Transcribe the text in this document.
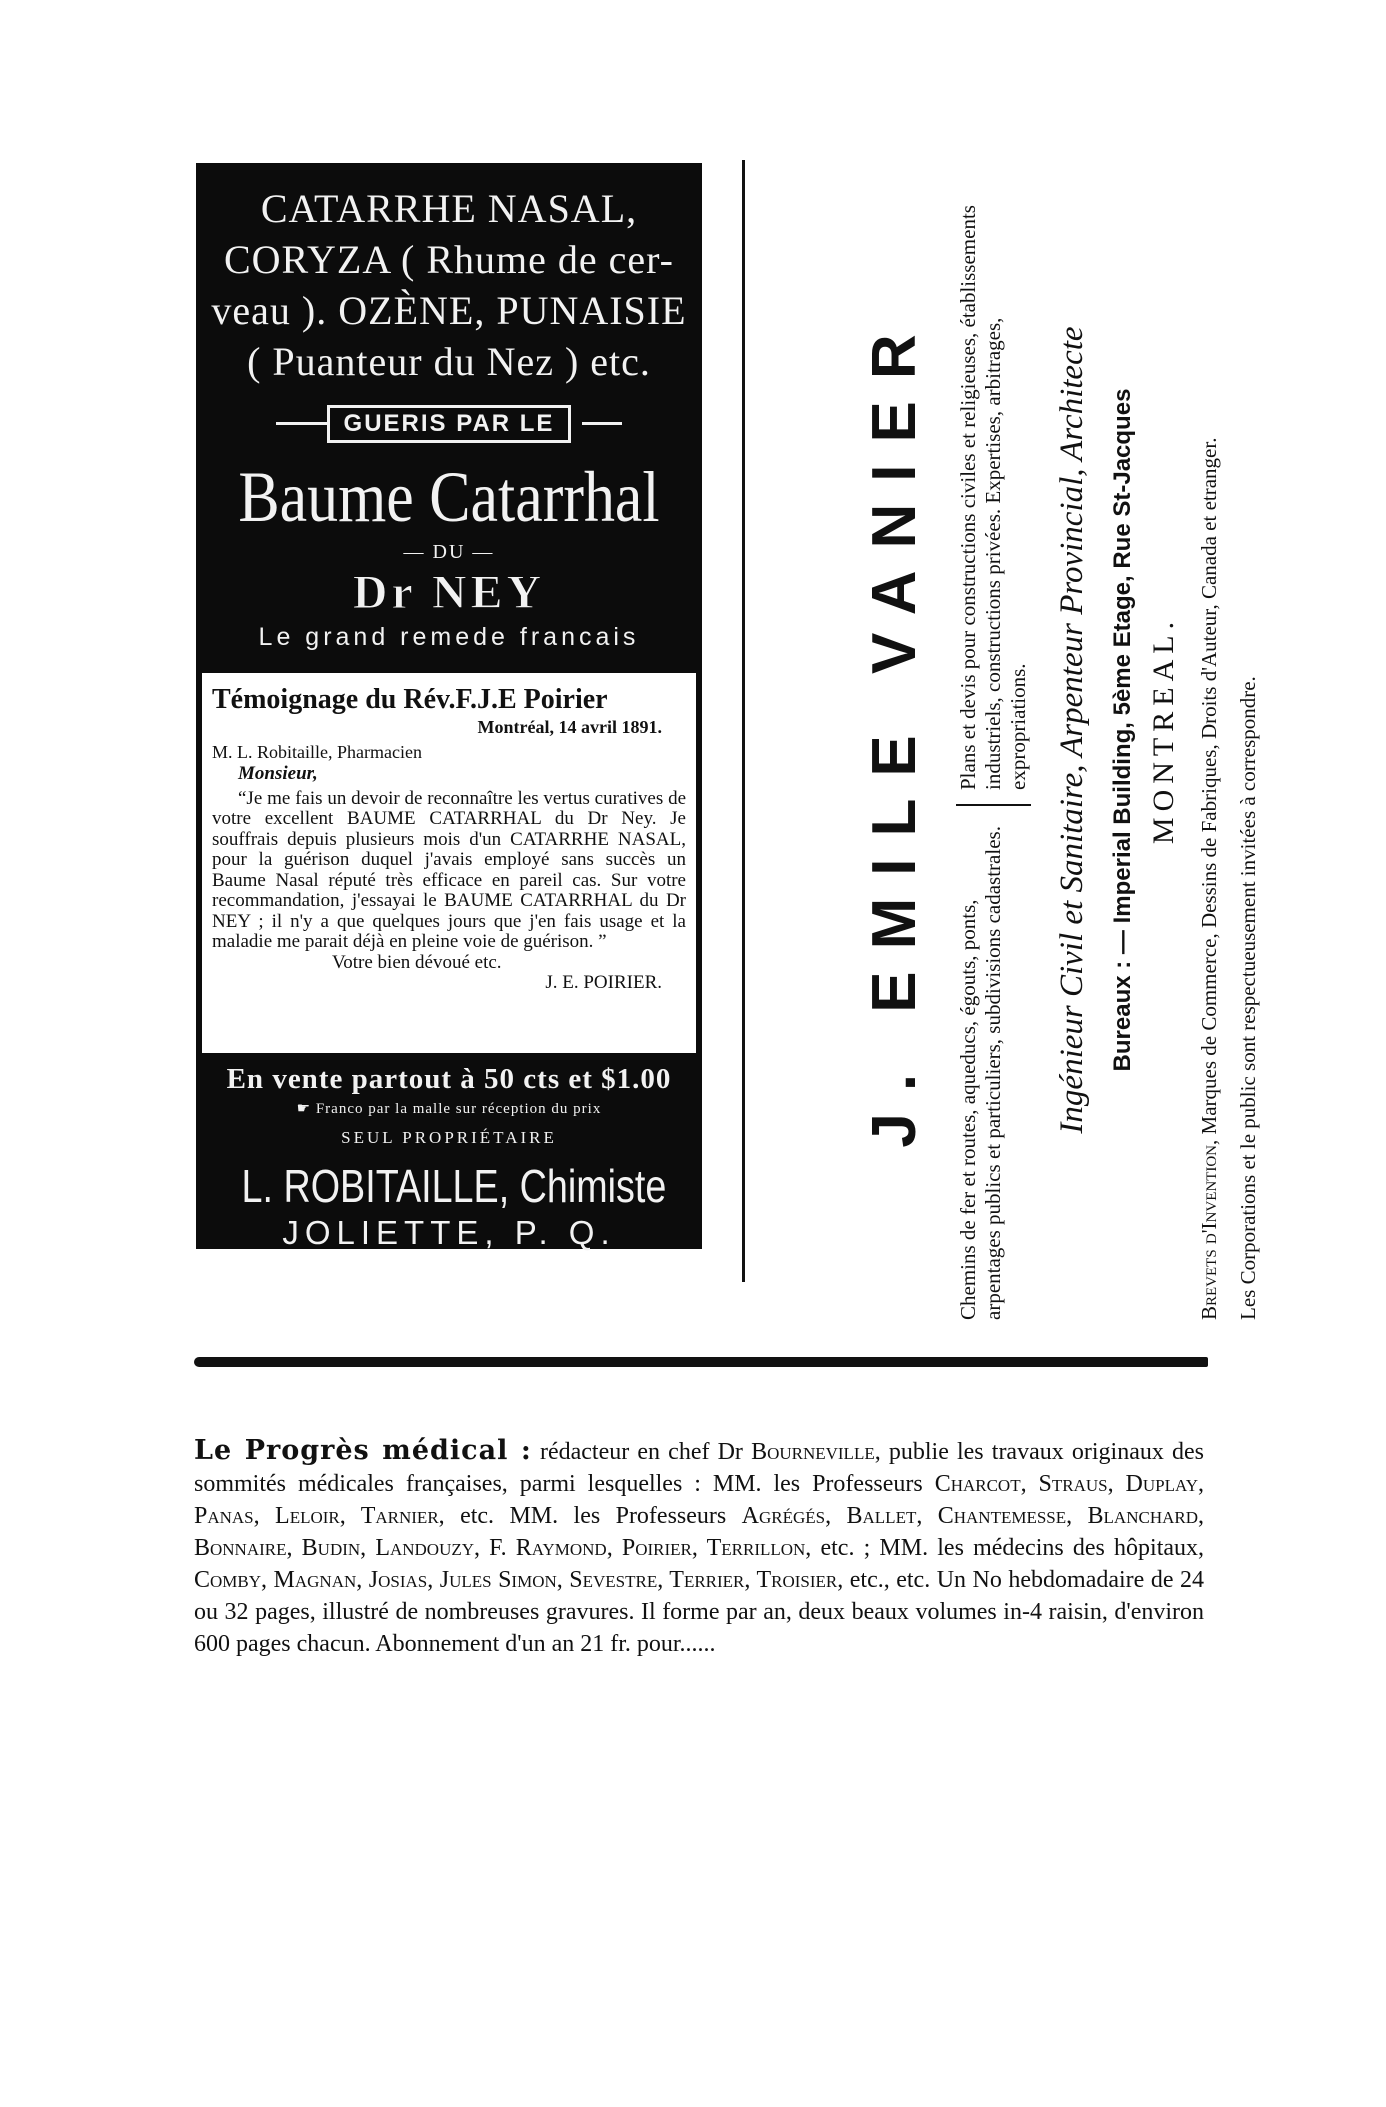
CATARRHE NASAL,
CORYZA ( Rhume de cer-
veau ). OZÈNE, PUNAISIE
( Puanteur du Nez ) etc.
GUERIS PAR LE
Baume Catarrhal
— DU —
Dr NEY
Le grand remede francais
Témoignage du Rév.F.J.E Poirier
Montréal, 14 avril 1891.
M. L. Robitaille, Pharmacien
Monsieur,
“Je me fais un devoir de reconnaître les vertus curatives de votre excellent BAUME CATARRHAL du Dr Ney. Je souffrais depuis plusieurs mois d'un CATARRHE NASAL, pour la guérison duquel j'avais employé sans succès un Baume Nasal réputé très efficace en pareil cas. Sur votre recommandation, j'essayai le BAUME CATARRHAL du Dr NEY ; il n'y a que quelques jours que j'en fais usage et la maladie me parait déjà en pleine voie de guérison. ”
Votre bien dévoué etc.
J. E. POIRIER.
En vente partout à 50 cts et $1.00
☛ Franco par la malle sur réception du prix
SEUL PROPRIÉTAIRE
L. ROBITAILLE, Chimiste
JOLIETTE, P. Q.
J. EMILE VANIER Chemins de fer et routes, aqueducs, égouts, ponts, arpentages publics et particuliers, subdivisions cadastrales.
Plans et devis pour constructions civiles et religieuses, établissements industriels, constructions privées. Expertises, arbitrages, expropriations. Ingénieur Civil et Sanitaire, Arpenteur Provincial, Architecte Bureaux : — Imperial Building, 5ème Etage, Rue St-Jacques MONTREAL.
Brevets d'Invention, Marques de Commerce, Dessins de Fabriques, Droits d'Auteur, Canada et etranger. Les Corporations et le public sont respectueusement invitées à correspondre.
Le Progrès médical : rédacteur en chef Dr Bourneville, publie les travaux originaux des sommités médicales françaises, parmi lesquelles : MM. les Professeurs Charcot, Straus, Duplay, Panas, Leloir, Tarnier, etc. MM. les Professeurs Agrégés, Ballet, Chantemesse, Blanchard, Bonnaire, Budin, Landouzy, F. Raymond, Poirier, Terrillon, etc. ; MM. les médecins des hôpitaux, Comby, Magnan, Josias, Jules Simon, Sevestre, Terrier, Troisier, etc., etc. Un No hebdomadaire de 24 ou 32 pages, illustré de nombreuses gravures. Il forme par an, deux beaux volumes in-4 raisin, d'environ 600 pages chacun. Abonnement d'un an 21 fr. pour......
